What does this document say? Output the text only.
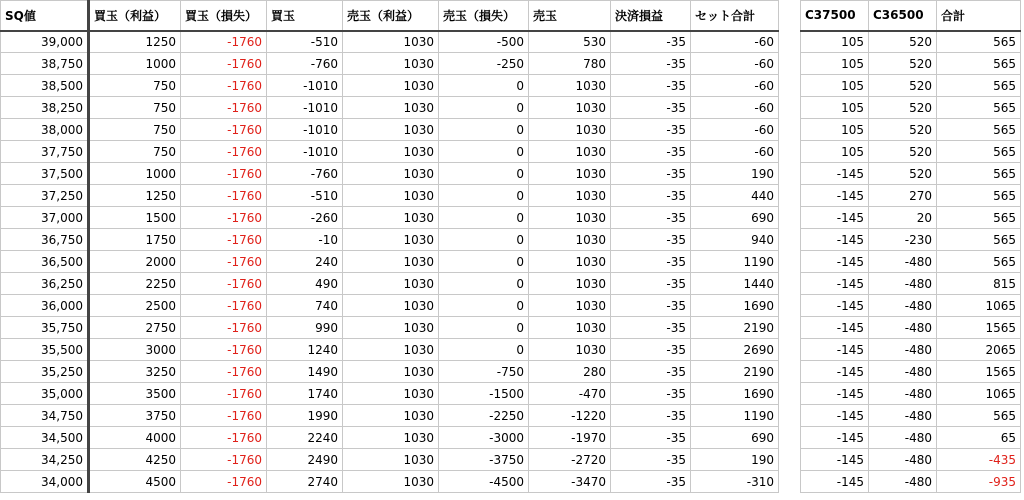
SQ値	買玉（利益）	買玉（損失）	買玉	売玉（利益）	売玉（損失）	売玉	決済損益	セット合計		C37500	C36500	合計
39,000	1250	-1760	-510	1030	-500	530	-35	-60		105	520	565
38,750	1000	-1760	-760	1030	-250	780	-35	-60		105	520	565
38,500	750	-1760	-1010	1030	0	1030	-35	-60		105	520	565
38,250	750	-1760	-1010	1030	0	1030	-35	-60		105	520	565
38,000	750	-1760	-1010	1030	0	1030	-35	-60		105	520	565
37,750	750	-1760	-1010	1030	0	1030	-35	-60		105	520	565
37,500	1000	-1760	-760	1030	0	1030	-35	190		-145	520	565
37,250	1250	-1760	-510	1030	0	1030	-35	440		-145	270	565
37,000	1500	-1760	-260	1030	0	1030	-35	690		-145	20	565
36,750	1750	-1760	-10	1030	0	1030	-35	940		-145	-230	565
36,500	2000	-1760	240	1030	0	1030	-35	1190		-145	-480	565
36,250	2250	-1760	490	1030	0	1030	-35	1440		-145	-480	815
36,000	2500	-1760	740	1030	0	1030	-35	1690		-145	-480	1065
35,750	2750	-1760	990	1030	0	1030	-35	2190		-145	-480	1565
35,500	3000	-1760	1240	1030	0	1030	-35	2690		-145	-480	2065
35,250	3250	-1760	1490	1030	-750	280	-35	2190		-145	-480	1565
35,000	3500	-1760	1740	1030	-1500	-470	-35	1690		-145	-480	1065
34,750	3750	-1760	1990	1030	-2250	-1220	-35	1190		-145	-480	565
34,500	4000	-1760	2240	1030	-3000	-1970	-35	690		-145	-480	65
34,250	4250	-1760	2490	1030	-3750	-2720	-35	190		-145	-480	-435
34,000	4500	-1760	2740	1030	-4500	-3470	-35	-310		-145	-480	-935
